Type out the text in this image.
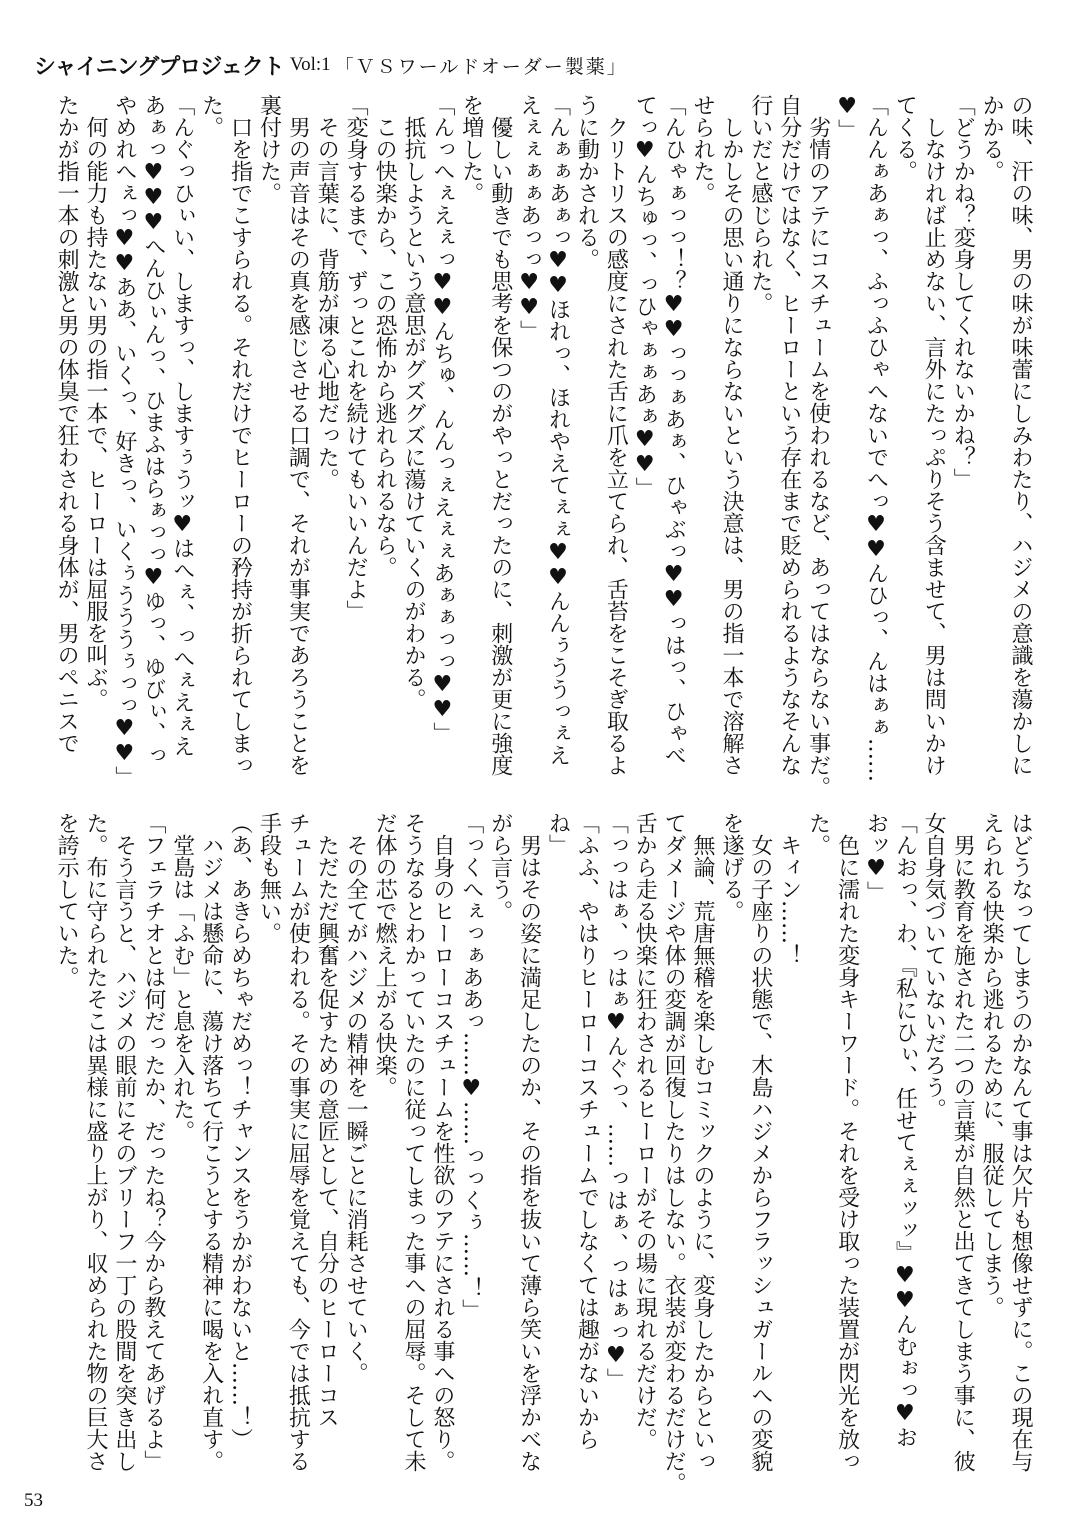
シャイニングプロジェクト Vol:1 「ＶＳワールドオーダー製薬」
の味、汗の味、男の味が味蕾にしみわたり、ハジメの意識を蕩かしに
かかる。
「どうかね？変身してくれないかね？」
　しなければ止めない、言外にたっぷりそう含ませて、男は問いかけ
てくる。
「んんぁあぁっ、ふっふひゃへないでへっ♥♥んひっ、んはぁぁ……
♥」
　劣情のアテにコスチュームを使われるなど、あってはならない事だ。
自分だけではなく、ヒーローという存在まで貶められるようなそんな
行いだと感じられた。
　しかしその思い通りにならないという決意は、男の指一本で溶解さ
せられた。
「んひゃぁっっ！？♥♥っっぁあぁ、ひゃぶっ♥♥っはっ、ひゃべ
てっ♥んちゅっ、っひゃぁぁあぁ♥♥」
　クリトリスの感度にされた舌に爪を立てられ、舌苔をこそぎ取るよ
うに動かされる。
「んぁぁあぁっ♥♥ほれっ、ほれやえてぇぇ♥♥んんぅううっぇえ
えぇぇぁぁあっっ♥♥」
　優しい動きでも思考を保つのがやっとだったのに、刺激が更に強度
を増した。
「んっへぇえぇっ♥♥んちゅ、んんっぇえぇぇあぁぁっっ♥♥」
　抵抗しようという意思がグズグズに蕩けていくのがわかる。
　この快楽から、この恐怖から逃れられるなら。
「変身するまで、ずっとこれを続けてもいいんだよ」
　その言葉に、背筋が凍る心地だった。
　男の声音はその真を感じさせる口調で、それが事実であろうことを
裏付けた。
　口を指でこすられる。それだけでヒーローの矜持が折られてしまっ
た。
「んぐっひぃい、しますっ、しますぅうッ♥はへぇ、っへぇえぇえ
あぁっ♥♥♥へんひぃんっ、ひまふはらぁっっ♥ゆっ、ゆびぃ、っ
やめれへぇっ♥♥ああ、いくっ、好きっ、いくぅうううぅっっ♥♥」
　何の能力も持たない男の指一本で、ヒーローは屈服を叫ぶ。
たかが指一本の刺激と男の体臭で狂わされる身体が、男のペニスで
はどうなってしまうのかなんて事は欠片も想像せずに。この現在与
えられる快楽から逃れるために、服従してしまう。
　男に教育を施された二つの言葉が自然と出てきてしまう事に、彼
女自身気づいていないだろう。
「んおっ、わ、『私にひぃ、任せてぇぇッッ』♥♥んむぉっ♥お
おッ♥」
　色に濡れた変身キーワード。それを受け取った装置が閃光を放っ
た。
　キィン……！
　女の子座りの状態で、木島ハジメからフラッシュガールへの変貌
を遂げる。
　無論、荒唐無稽を楽しむコミックのように、変身したからといっ
てダメージや体の変調が回復したりはしない。衣装が変わるだけだ。
舌から走る快楽に狂わされるヒーローがその場に現れるだけだ。
「っっはぁ、っはぁ♥んぐっ、……っはぁ、っはぁっ♥」
「ふふ、やはりヒーローコスチュームでしなくては趣がないから
ね」
　男はその姿に満足したのか、その指を抜いて薄ら笑いを浮かべな
がら言う。
「っくへぇっぁああっ……♥……っっくぅ……！」
　自身のヒーローコスチュームを性欲のアテにされる事への怒り。
そうなるとわかっていたのに従ってしまった事への屈辱。そして未
だ体の芯で燃え上がる快楽。
　その全てがハジメの精神を一瞬ごとに消耗させていく。
　ただただ興奮を促すための意匠として、自分のヒーローコス
チュームが使われる。その事実に屈辱を覚えても、今では抵抗する
手段も無い。
（あ、あきらめちゃだめっ！チャンスをうかがわないと……！）
　ハジメは懸命に、蕩け落ちて行こうとする精神に喝を入れ直す。
　堂島は「ふむ」と息を入れた。
「フェラチオとは何だったか、だったね？今から教えてあげるよ」
　そう言うと、ハジメの眼前にそのブリーフ一丁の股間を突き出し
た。布に守られたそこは異様に盛り上がり、収められた物の巨大さ
を誇示していた。
53
